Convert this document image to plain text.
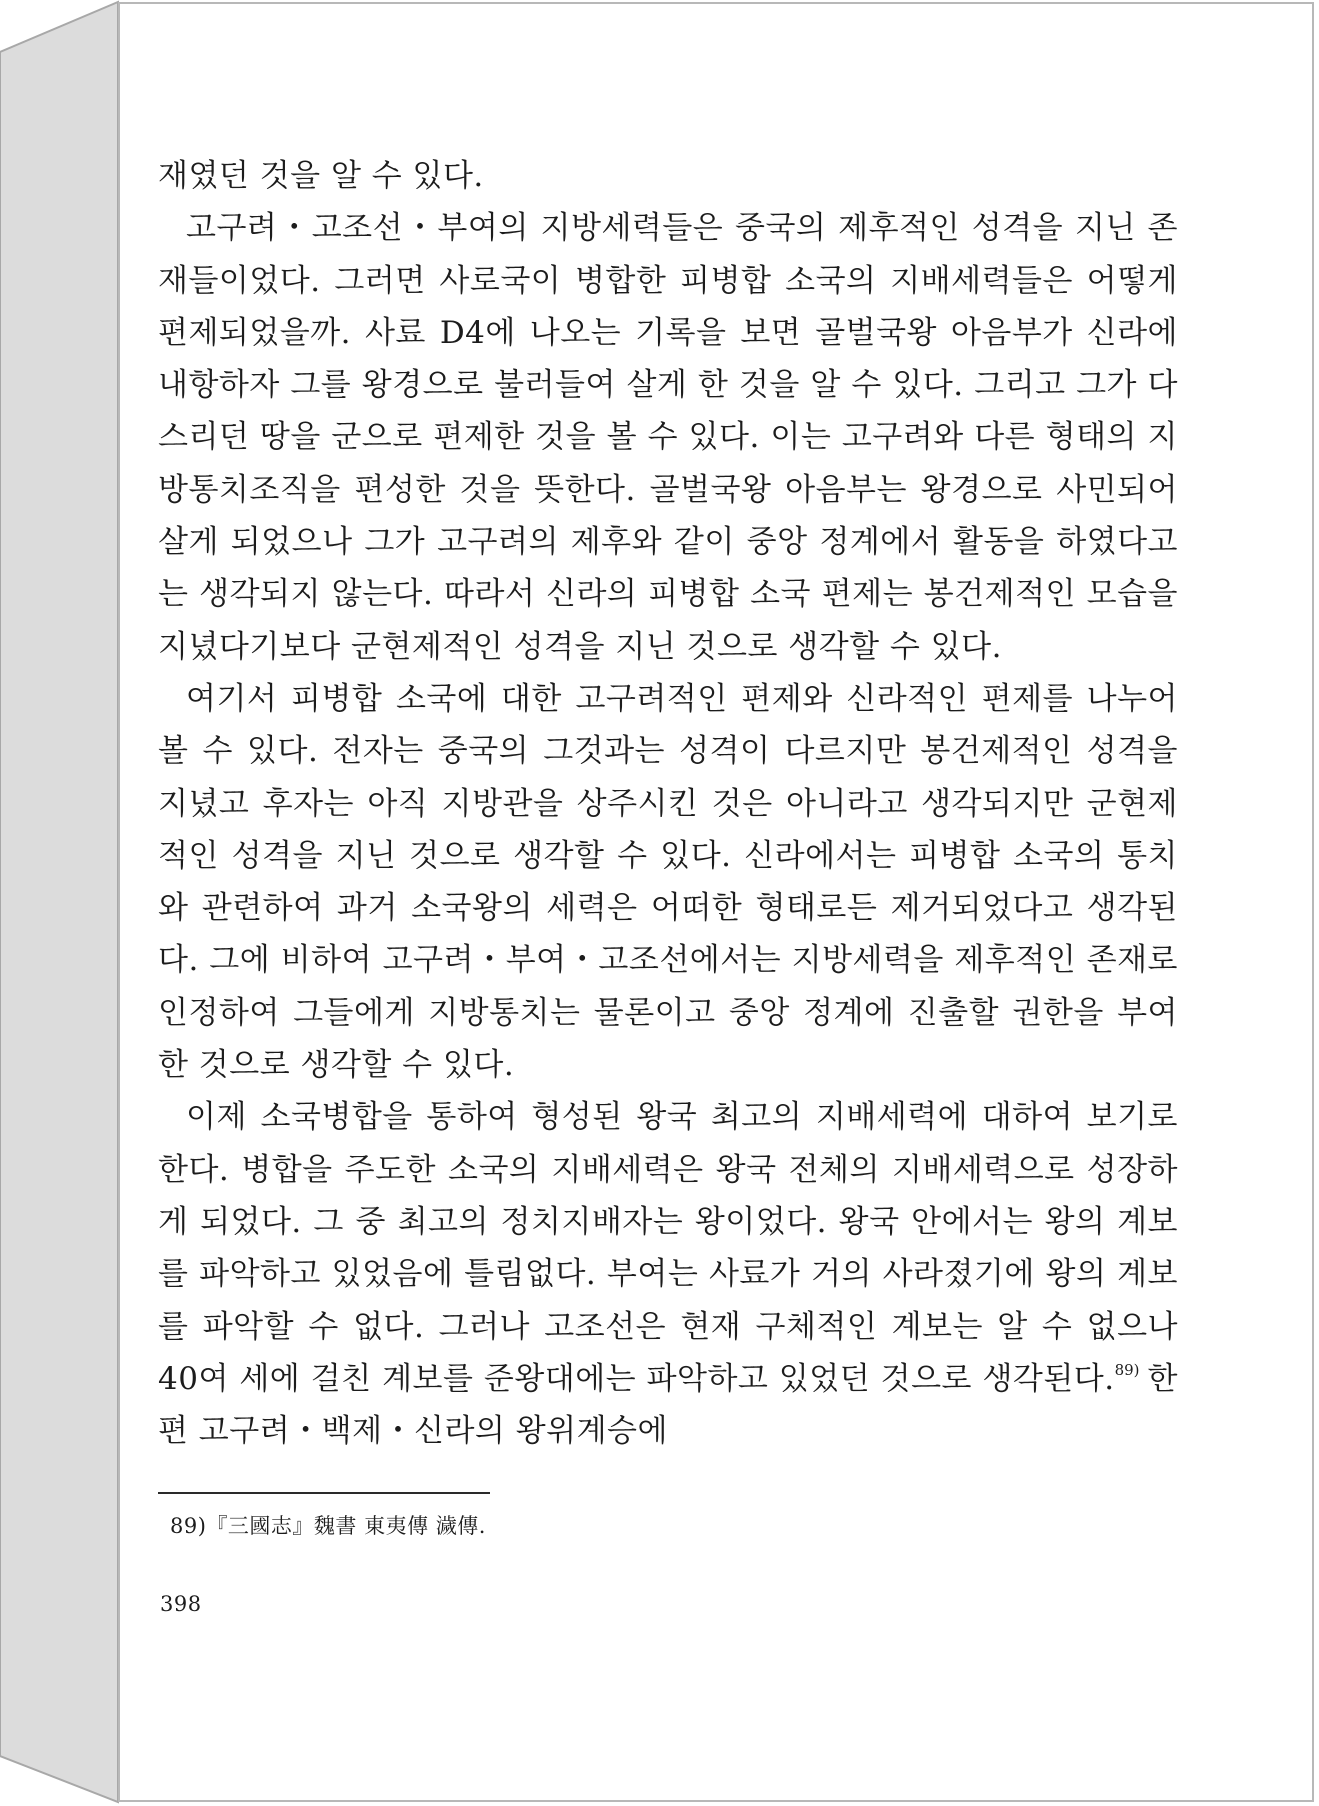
재였던 것을 알 수 있다.

고구려・고조선・부여의 지방세력들은 중국의 제후적인 성격을 지닌 존재들이었다. 그러면 사로국이 병합한 피병합 소국의 지배세력들은 어떻게 편제되었을까. 사료 D4에 나오는 기록을 보면 골벌국왕 아음부가 신라에 내항하자 그를 왕경으로 불러들여 살게 한 것을 알 수 있다. 그리고 그가 다스리던 땅을 군으로 편제한 것을 볼 수 있다. 이는 고구려와 다른 형태의 지방통치조직을 편성한 것을 뜻한다. 골벌국왕 아음부는 왕경으로 사민되어 살게 되었으나 그가 고구려의 제후와 같이 중앙 정계에서 활동을 하였다고는 생각되지 않는다. 따라서 신라의 피병합 소국 편제는 봉건제적인 모습을 지녔다기보다 군현제적인 성격을 지닌 것으로 생각할 수 있다.

여기서 피병합 소국에 대한 고구려적인 편제와 신라적인 편제를 나누어 볼 수 있다. 전자는 중국의 그것과는 성격이 다르지만 봉건제적인 성격을 지녔고 후자는 아직 지방관을 상주시킨 것은 아니라고 생각되지만 군현제적인 성격을 지닌 것으로 생각할 수 있다. 신라에서는 피병합 소국의 통치와 관련하여 과거 소국왕의 세력은 어떠한 형태로든 제거되었다고 생각된다. 그에 비하여 고구려・부여・고조선에서는 지방세력을 제후적인 존재로 인정하여 그들에게 지방통치는 물론이고 중앙 정계에 진출할 권한을 부여한 것으로 생각할 수 있다.

이제 소국병합을 통하여 형성된 왕국 최고의 지배세력에 대하여 보기로 한다. 병합을 주도한 소국의 지배세력은 왕국 전체의 지배세력으로 성장하게 되었다. 그 중 최고의 정치지배자는 왕이었다. 왕국 안에서는 왕의 계보를 파악하고 있었음에 틀림없다. 부여는 사료가 거의 사라졌기에 왕의 계보를 파악할 수 없다. 그러나 고조선은 현재 구체적인 계보는 알 수 없으나 40여 세에 걸친 계보를 준왕대에는 파악하고 있었던 것으로 생각된다.$^{89)}$ 한편 고구려・백제・신라의 왕위계승에

89)『三國志』魏書 東夷傳 濊傳.
398
